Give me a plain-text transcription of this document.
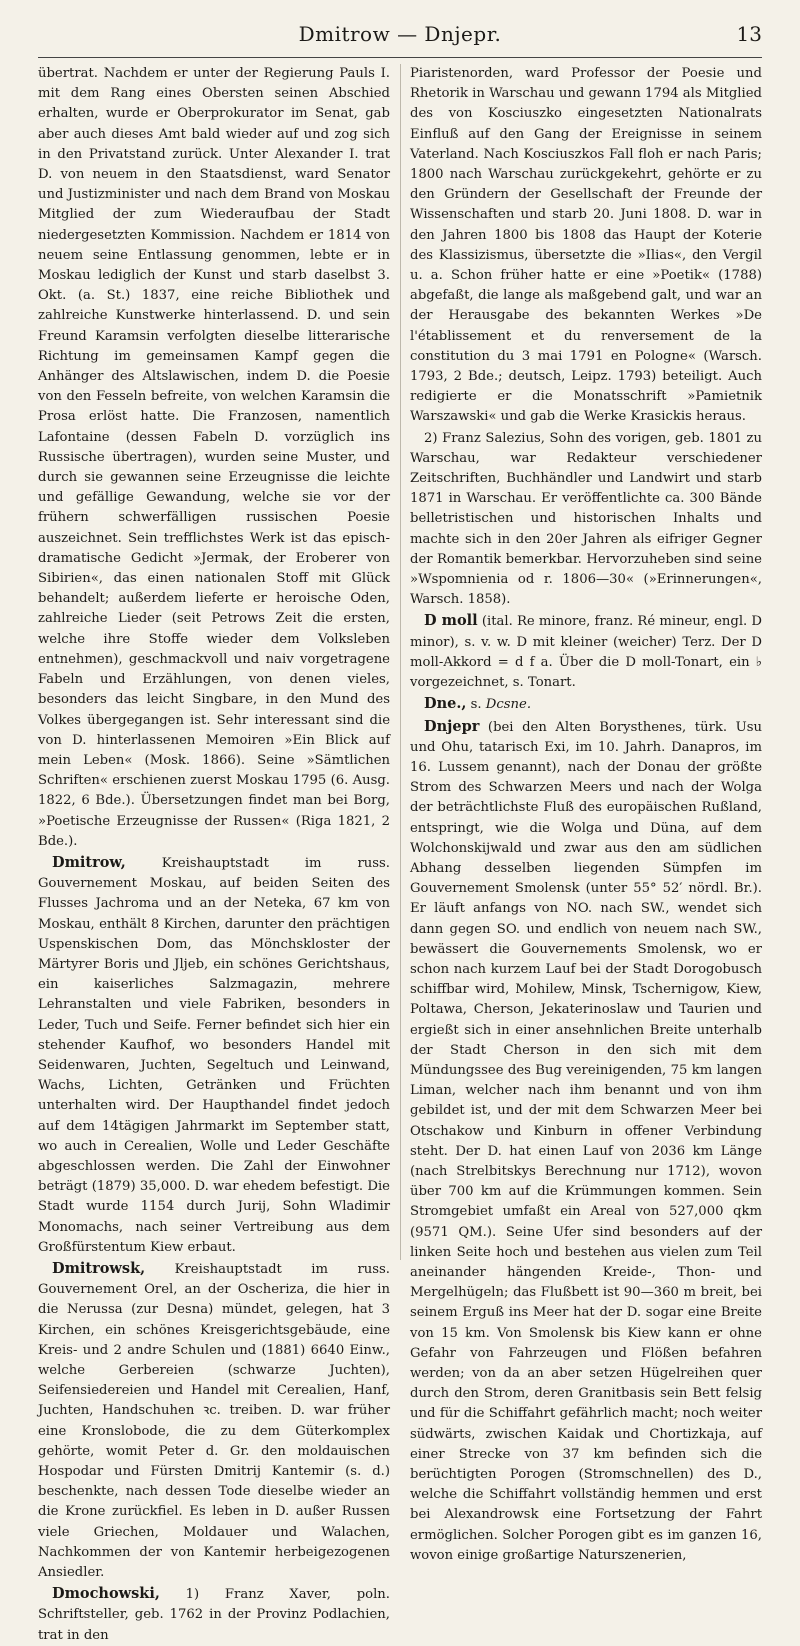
Dmitrow — Dnjepr.	13

übertrat. Nachdem er unter der Regierung Pauls I. mit dem Rang eines Obersten seinen Abschied erhalten, wurde er Oberprokurator im Senat, gab aber auch dieses Amt bald wieder auf und zog sich in den Privatstand zurück. Unter Alexander I. trat D. von neuem in den Staatsdienst, ward Senator und Justizminister und nach dem Brand von Moskau Mitglied der zum Wiederaufbau der Stadt niedergesetzten Kommission. Nachdem er 1814 von neuem seine Entlassung genommen, lebte er in Moskau lediglich der Kunst und starb daselbst 3. Okt. (a. St.) 1837, eine reiche Bibliothek und zahlreiche Kunstwerke hinterlassend. D. und sein Freund Karamsin verfolgten dieselbe litterarische Richtung im gemeinsamen Kampf gegen die Anhänger des Altslawischen, indem D. die Poesie von den Fesseln befreite, von welchen Karamsin die Prosa erlöst hatte. Die Franzosen, namentlich Lafontaine (dessen Fabeln D. vorzüglich ins Russische übertragen), wurden seine Muster, und durch sie gewannen seine Erzeugnisse die leichte und gefällige Gewandung, welche sie vor der frühern schwerfälligen russischen Poesie auszeichnet. Sein trefflichstes Werk ist das episch-dramatische Gedicht »Jermak, der Eroberer von Sibirien«, das einen nationalen Stoff mit Glück behandelt; außerdem lieferte er heroische Oden, zahlreiche Lieder (seit Petrows Zeit die ersten, welche ihre Stoffe wieder dem Volksleben entnehmen), geschmackvoll und naiv vorgetragene Fabeln und Erzählungen, von denen vieles, besonders das leicht Singbare, in den Mund des Volkes übergegangen ist. Sehr interessant sind die von D. hinterlassenen Memoiren »Ein Blick auf mein Leben« (Mosk. 1866). Seine »Sämtlichen Schriften« erschienen zuerst Moskau 1795 (6. Ausg. 1822, 6 Bde.). Übersetzungen findet man bei Borg, »Poetische Erzeugnisse der Russen« (Riga 1821, 2 Bde.).

Dmitrow, Kreishauptstadt im russ. Gouvernement Moskau, auf beiden Seiten des Flusses Jachroma und an der Neteka, 67 km von Moskau, enthält 8 Kirchen, darunter den prächtigen Uspenskischen Dom, das Mönchskloster der Märtyrer Boris und Jljeb, ein schönes Gerichtshaus, ein kaiserliches Salzmagazin, mehrere Lehranstalten und viele Fabriken, besonders in Leder, Tuch und Seife. Ferner befindet sich hier ein stehender Kaufhof, wo besonders Handel mit Seidenwaren, Juchten, Segeltuch und Leinwand, Wachs, Lichten, Getränken und Früchten unterhalten wird. Der Haupthandel findet jedoch auf dem 14tägigen Jahrmarkt im September statt, wo auch in Cerealien, Wolle und Leder Geschäfte abgeschlossen werden. Die Zahl der Einwohner beträgt (1879) 35,000. D. war ehedem befestigt. Die Stadt wurde 1154 durch Jurij, Sohn Wladimir Monomachs, nach seiner Vertreibung aus dem Großfürstentum Kiew erbaut.

Dmitrowsk, Kreishauptstadt im russ. Gouvernement Orel, an der Oscheriza, die hier in die Nerussa (zur Desna) mündet, gelegen, hat 3 Kirchen, ein schönes Kreisgerichtsgebäude, eine Kreis- und 2 andre Schulen und (1881) 6640 Einw., welche Gerbereien (schwarze Juchten), Seifensiedereien und Handel mit Cerealien, Hanf, Juchten, Handschuhen ꝛc. treiben. D. war früher eine Kronslobode, die zu dem Güterkomplex gehörte, womit Peter d. Gr. den moldauischen Hospodar und Fürsten Dmitrij Kantemir (s. d.) beschenkte, nach dessen Tode dieselbe wieder an die Krone zurückfiel. Es leben in D. außer Russen viele Griechen, Moldauer und Walachen, Nachkommen der von Kantemir herbeigezogenen Ansiedler.

Dmochowski, 1) Franz Xaver, poln. Schriftsteller, geb. 1762 in der Provinz Podlachien, trat in den

Piaristenorden, ward Professor der Poesie und Rhetorik in Warschau und gewann 1794 als Mitglied des von Kosciuszko eingesetzten Nationalrats Einfluß auf den Gang der Ereignisse in seinem Vaterland. Nach Kosciuszkos Fall floh er nach Paris; 1800 nach Warschau zurückgekehrt, gehörte er zu den Gründern der Gesellschaft der Freunde der Wissenschaften und starb 20. Juni 1808. D. war in den Jahren 1800 bis 1808 das Haupt der Koterie des Klassizismus, übersetzte die »Ilias«, den Vergil u. a. Schon früher hatte er eine »Poetik« (1788) abgefaßt, die lange als maßgebend galt, und war an der Herausgabe des bekannten Werkes »De l'établissement et du renversement de la constitution du 3 mai 1791 en Pologne« (Warsch. 1793, 2 Bde.; deutsch, Leipz. 1793) beteiligt. Auch redigierte er die Monatsschrift »Pamietnik Warszawski« und gab die Werke Krasickis heraus.

2) Franz Salezius, Sohn des vorigen, geb. 1801 zu Warschau, war Redakteur verschiedener Zeitschriften, Buchhändler und Landwirt und starb 1871 in Warschau. Er veröffentlichte ca. 300 Bände belletristischen und historischen Inhalts und machte sich in den 20er Jahren als eifriger Gegner der Romantik bemerkbar. Hervorzuheben sind seine »Wspomnienia od r. 1806—30« (»Erinnerungen«, Warsch. 1858).

D moll (ital. Re minore, franz. Ré mineur, engl. D minor), s. v. w. D mit kleiner (weicher) Terz. Der D moll-Akkord = d f a. Über die D moll-Tonart, ein ♭ vorgezeichnet, s. Tonart.

Dne., s. Dcsne.

Dnjepr (bei den Alten Borysthenes, türk. Usu und Ohu, tatarisch Exi, im 10. Jahrh. Danapros, im 16. Lussem genannt), nach der Donau der größte Strom des Schwarzen Meers und nach der Wolga der beträchtlichste Fluß des europäischen Rußland, entspringt, wie die Wolga und Düna, auf dem Wolchonskijwald und zwar aus den am südlichen Abhang desselben liegenden Sümpfen im Gouvernement Smolensk (unter 55° 52′ nördl. Br.). Er läuft anfangs von NO. nach SW., wendet sich dann gegen SO. und endlich von neuem nach SW., bewässert die Gouvernements Smolensk, wo er schon nach kurzem Lauf bei der Stadt Dorogobusch schiffbar wird, Mohilew, Minsk, Tschernigow, Kiew, Poltawa, Cherson, Jekaterinoslaw und Taurien und ergießt sich in einer ansehnlichen Breite unterhalb der Stadt Cherson in den sich mit dem Mündungssee des Bug vereinigenden, 75 km langen Liman, welcher nach ihm benannt und von ihm gebildet ist, und der mit dem Schwarzen Meer bei Otschakow und Kinburn in offener Verbindung steht. Der D. hat einen Lauf von 2036 km Länge (nach Strelbitskys Berechnung nur 1712), wovon über 700 km auf die Krümmungen kommen. Sein Stromgebiet umfaßt ein Areal von 527,000 qkm (9571 QM.). Seine Ufer sind besonders auf der linken Seite hoch und bestehen aus vielen zum Teil aneinander hängenden Kreide-, Thon- und Mergelhügeln; das Flußbett ist 90—360 m breit, bei seinem Erguß ins Meer hat der D. sogar eine Breite von 15 km. Von Smolensk bis Kiew kann er ohne Gefahr von Fahrzeugen und Flößen befahren werden; von da an aber setzen Hügelreihen quer durch den Strom, deren Granitbasis sein Bett felsig und für die Schiffahrt gefährlich macht; noch weiter südwärts, zwischen Kaidak und Chortizkaja, auf einer Strecke von 37 km befinden sich die berüchtigten Porogen (Stromschnellen) des D., welche die Schiffahrt vollständig hemmen und erst bei Alexandrowsk eine Fortsetzung der Fahrt ermöglichen. Solcher Porogen gibt es im ganzen 16, wovon einige großartige Naturszenerien,
